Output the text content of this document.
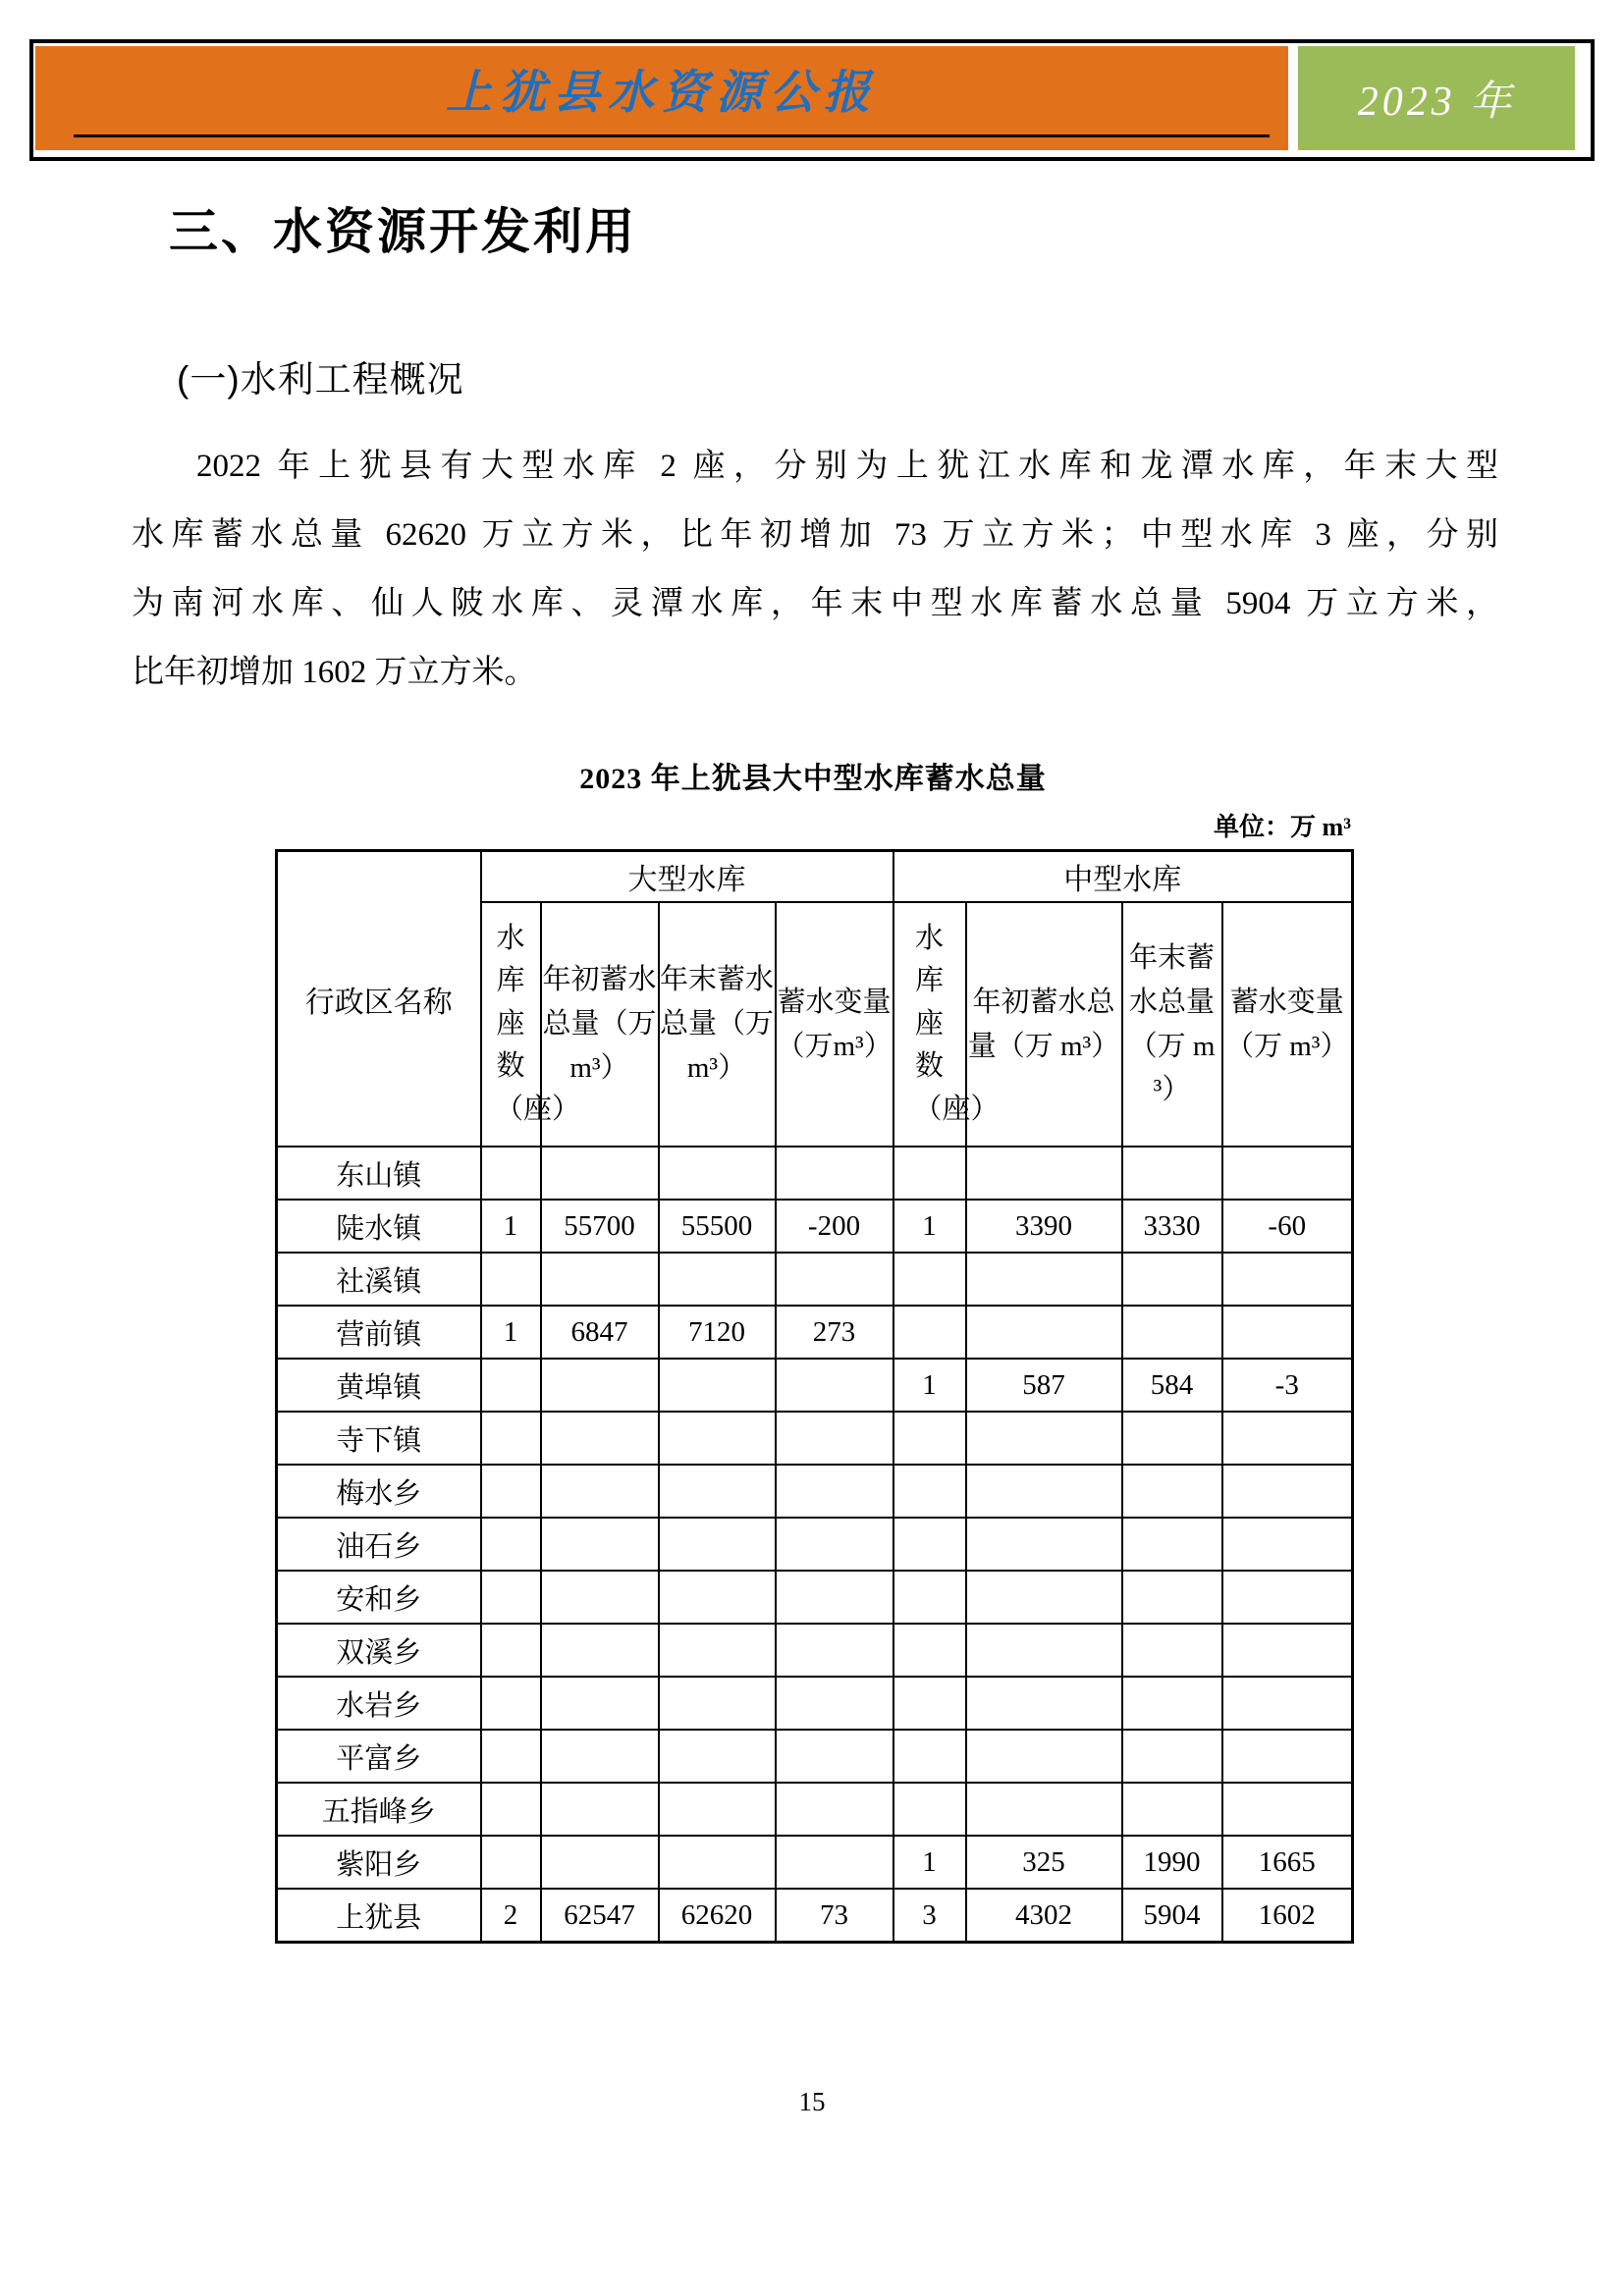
上犹县水资源公报	2023 年
三、水资源开发利用
(一)水利工程概况
2022 年上犹县有大型水库 2 座，分别为上犹江水库和龙潭水库，年末大型
水库蓄水总量 62620 万立方米，比年初增加 73 万立方米；中型水库 3 座，分别
为南河水库、仙人陂水库、灵潭水库，年末中型水库蓄水总量 5904 万立方米，
比年初增加 1602 万立方米。
2023 年上犹县大中型水库蓄水总量
单位：万 m³
行政区名称	大型水库				中型水库			

	水库座数（座）	年初蓄水总量（万m³）	年末蓄水总量（万m³）	蓄水变量（万m³）	水库座数（座）	年初蓄水总量（万 m³）	年末蓄水总量（万 m³）	蓄水变量（万 m³）
东山镇								
陡水镇	1	55700	55500	-200	1	3390	3330	-60
社溪镇								
营前镇	1	6847	7120	273				
黄埠镇					1	587	584	-3
寺下镇								
梅水乡								
油石乡								
安和乡								
双溪乡								
水岩乡								
平富乡								
五指峰乡								
紫阳乡					1	325	1990	1665
上犹县	2	62547	62620	73	3	4302	5904	1602
15
